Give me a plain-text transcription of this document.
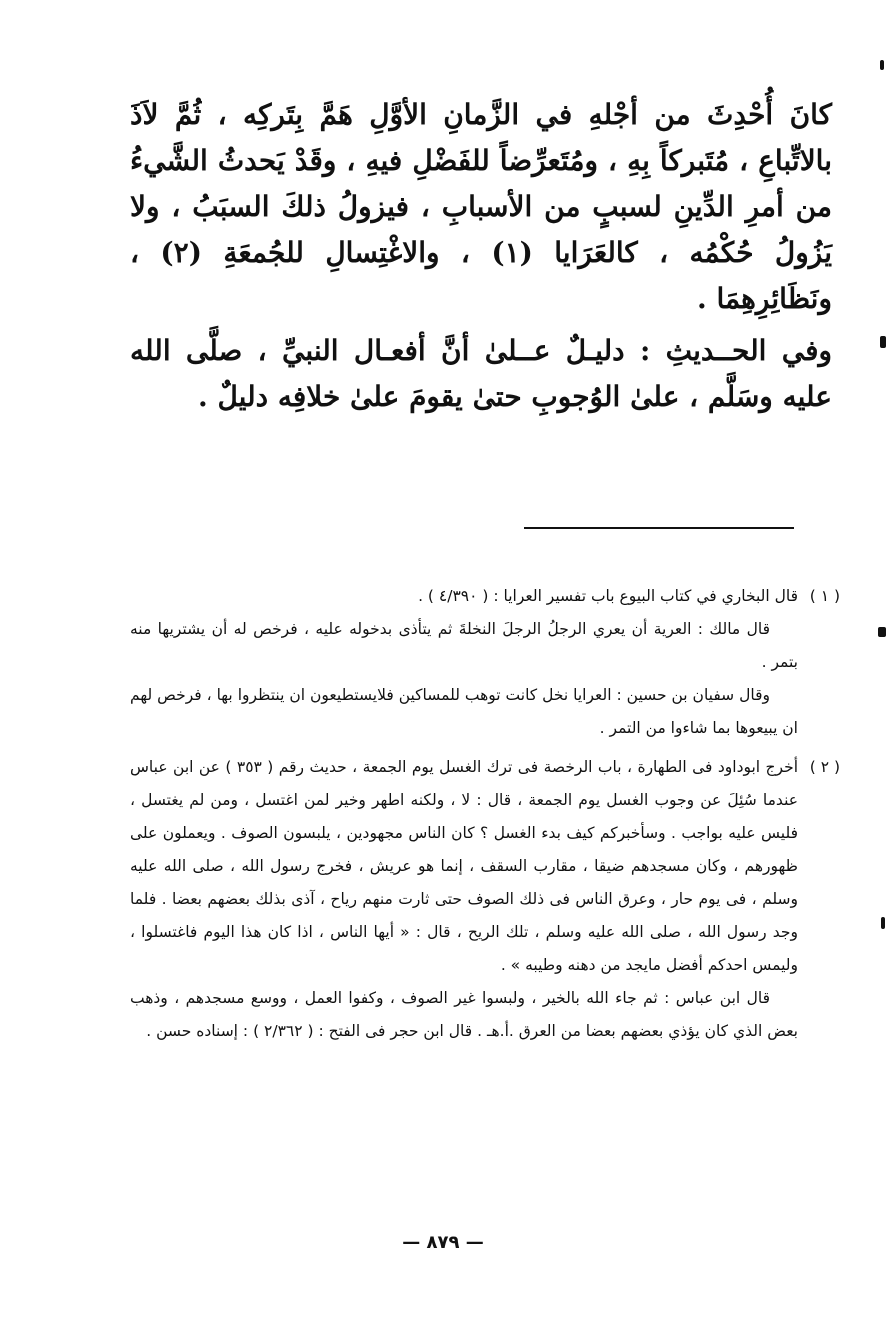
كانَ أُحْدِثَ من أجْلهِ في الزَّمانِ الأوَّلِ هَمَّ بِتَركِه ، ثُمَّ لاَذَ بالاتِّباعِ ، مُتَبركاً بِهِ ، ومُتَعرِّضاً للفَضْلِ فيهِ ، وقَدْ يَحدثُ الشَّيءُ من أمرِ الدِّينِ لسببٍ من الأسبابِ ، فيزولُ ذلكَ السبَبُ ، ولا يَزُولُ حُكْمُه ، كالعَرَايا (١) ، والاغْتِسالِ للجُمعَةِ (٢) ، ونَظَائِرِهِمَا .

وفي الحــديثِ : دليـلٌ عــلىٰ أنَّ أفعـال النبيِّ ، صلَّى الله عليه وسَلَّم ، علىٰ الوُجوبِ حتىٰ يقومَ علىٰ خلافِه دليلٌ .

( ١ )
قال البخاري في كتاب البيوع باب تفسير العرايا : ( ٤/٣٩٠ ) .
قال مالك : العرية أن يعري الرجلُ الرجلَ النخلةَ ثم يتأذى بدخوله عليه ، فرخص له أن يشتريها منه بتمر .
وقال سفيان بن حسين : العرايا نخل كانت توهب للمساكين فلايستطيعون ان ينتظروا بها ، فرخص لهم ان يبيعوها بما شاءوا من التمر .
( ٢ )
أخرج ابوداود فى الطهارة ، باب الرخصة فى ترك الغسل يوم الجمعة ، حديث رقم ( ٣٥٣ ) عن ابن عباس عندما سُئِلَ عن وجوب الغسل يوم الجمعة ، قال : لا ، ولكنه اطهر وخير لمن اغتسل ، ومن لم يغتسل ، فليس عليه بواجب . وسأخبركم كيف بدء الغسل ؟ كان الناس مجهودين ، يلبسون الصوف . ويعملون على ظهورهم ، وكان مسجدهم ضيقا ، مقارب السقف ، إنما هو عريش ، فخرج رسول الله ، صلى الله عليه وسلم ، فى يوم حار ، وعرق الناس فى ذلك الصوف حتى ثارت منهم رياح ، آذى بذلك بعضهم بعضا . فلما وجد رسول الله ، صلى الله عليه وسلم ، تلك الريح ، قال : « أيها الناس ، اذا كان هذا اليوم فاغتسلوا ، وليمس احدكم أفضل مايجد من دهنه وطيبه » .
قال ابن عباس : ثم جاء الله بالخير ، ولبسوا غير الصوف ، وكفوا العمل ، ووسع مسجدهم ، وذهب بعض الذي كان يؤذي بعضهم بعضا من العرق .أ.هـ . قال ابن حجر فى الفتح : ( ٢/٣٦٢ ) : إسناده حسن .
— ٨٧٩ —
